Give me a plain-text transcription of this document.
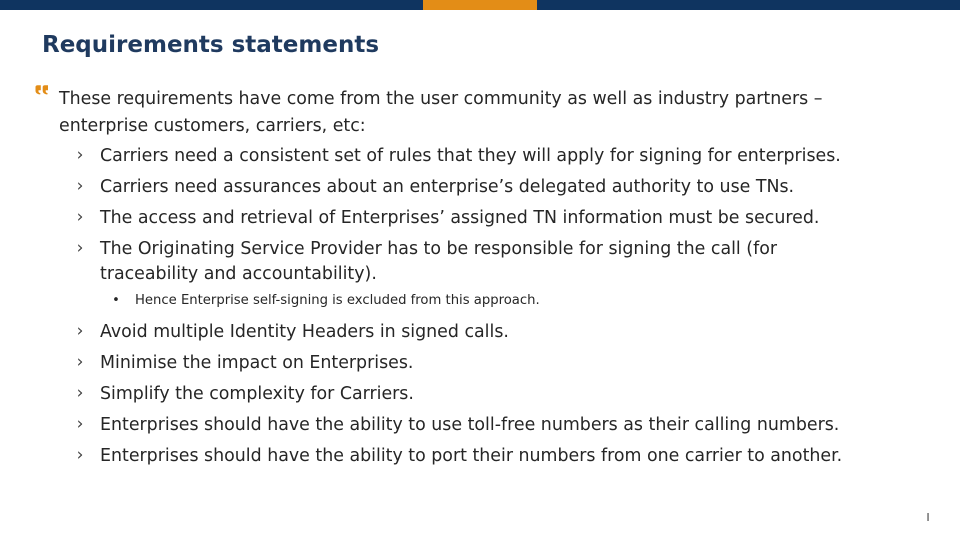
Requirements statements
These requirements have come from the user community as well as industry partners –
enterprise customers, carriers, etc:
› Carriers need a consistent set of rules that they will apply for signing for enterprises.
› Carriers need assurances about an enterprise’s delegated authority to use TNs.
› The access and retrieval of Enterprises’ assigned TN information must be secured.
› The Originating Service Provider has to be responsible for signing the call (for
traceability and accountability).
• Hence Enterprise self-signing is excluded from this approach.
› Avoid multiple Identity Headers in signed calls.
› Minimise the impact on Enterprises.
› Simplify the complexity for Carriers.
› Enterprises should have the ability to use toll-free numbers as their calling numbers.
› Enterprises should have the ability to port their numbers from one carrier to another.
l
